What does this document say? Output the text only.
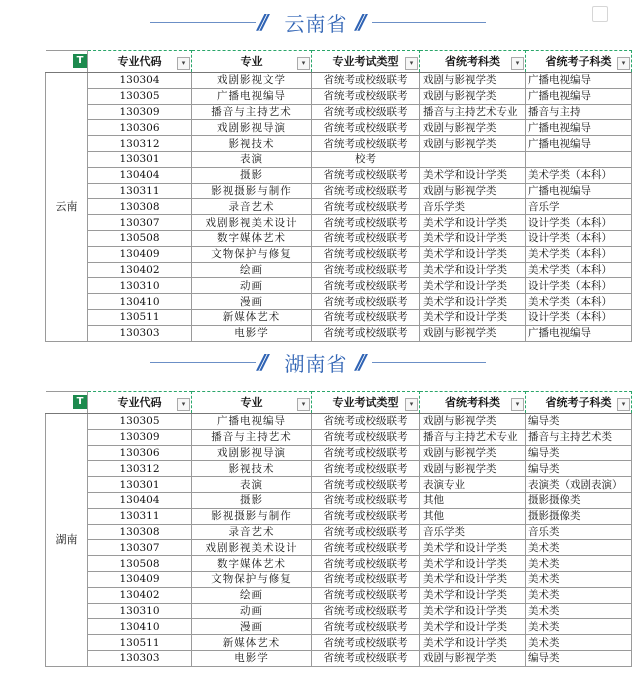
// 云南省 //
T	专业代码 ▾	专业 ▾	专业考试类型 ▾	省统考科类 ▾	省统考子科类 ▾

云南	130304	戏剧影视文学	省统考或校级联考	戏剧与影视学类	广播电视编导
	130305	广播电视编导	省统考或校级联考	戏剧与影视学类	广播电视编导
	130309	播音与主持艺术	省统考或校级联考	播音与主持艺术专业	播音与主持
	130306	戏剧影视导演	省统考或校级联考	戏剧与影视学类	广播电视编导
	130312	影视技术	省统考或校级联考	戏剧与影视学类	广播电视编导
	130301	表演	校考		
	130404	摄影	省统考或校级联考	美术学和设计学类	美术学类（本科）
	130311	影视摄影与制作	省统考或校级联考	戏剧与影视学类	广播电视编导
	130308	录音艺术	省统考或校级联考	音乐学类	音乐学
	130307	戏剧影视美术设计	省统考或校级联考	美术学和设计学类	设计学类（本科）
	130508	数字媒体艺术	省统考或校级联考	美术学和设计学类	设计学类（本科）
	130409	文物保护与修复	省统考或校级联考	美术学和设计学类	美术学类（本科）
	130402	绘画	省统考或校级联考	美术学和设计学类	美术学类（本科）
	130310	动画	省统考或校级联考	美术学和设计学类	设计学类（本科）
	130410	漫画	省统考或校级联考	美术学和设计学类	美术学类（本科）
	130511	新媒体艺术	省统考或校级联考	美术学和设计学类	设计学类（本科）
	130303	电影学	省统考或校级联考	戏剧与影视学类	广播电视编导
// 湖南省 //
T	专业代码 ▾	专业 ▾	专业考试类型 ▾	省统考科类 ▾	省统考子科类 ▾

湖南	130305	广播电视编导	省统考或校级联考	戏剧与影视学类	编导类
	130309	播音与主持艺术	省统考或校级联考	播音与主持艺术专业	播音与主持艺术类
	130306	戏剧影视导演	省统考或校级联考	戏剧与影视学类	编导类
	130312	影视技术	省统考或校级联考	戏剧与影视学类	编导类
	130301	表演	省统考或校级联考	表演专业	表演类（戏剧表演）
	130404	摄影	省统考或校级联考	其他	摄影摄像类
	130311	影视摄影与制作	省统考或校级联考	其他	摄影摄像类
	130308	录音艺术	省统考或校级联考	音乐学类	音乐类
	130307	戏剧影视美术设计	省统考或校级联考	美术学和设计学类	美术类
	130508	数字媒体艺术	省统考或校级联考	美术学和设计学类	美术类
	130409	文物保护与修复	省统考或校级联考	美术学和设计学类	美术类
	130402	绘画	省统考或校级联考	美术学和设计学类	美术类
	130310	动画	省统考或校级联考	美术学和设计学类	美术类
	130410	漫画	省统考或校级联考	美术学和设计学类	美术类
	130511	新媒体艺术	省统考或校级联考	美术学和设计学类	美术类
	130303	电影学	省统考或校级联考	戏剧与影视学类	编导类
